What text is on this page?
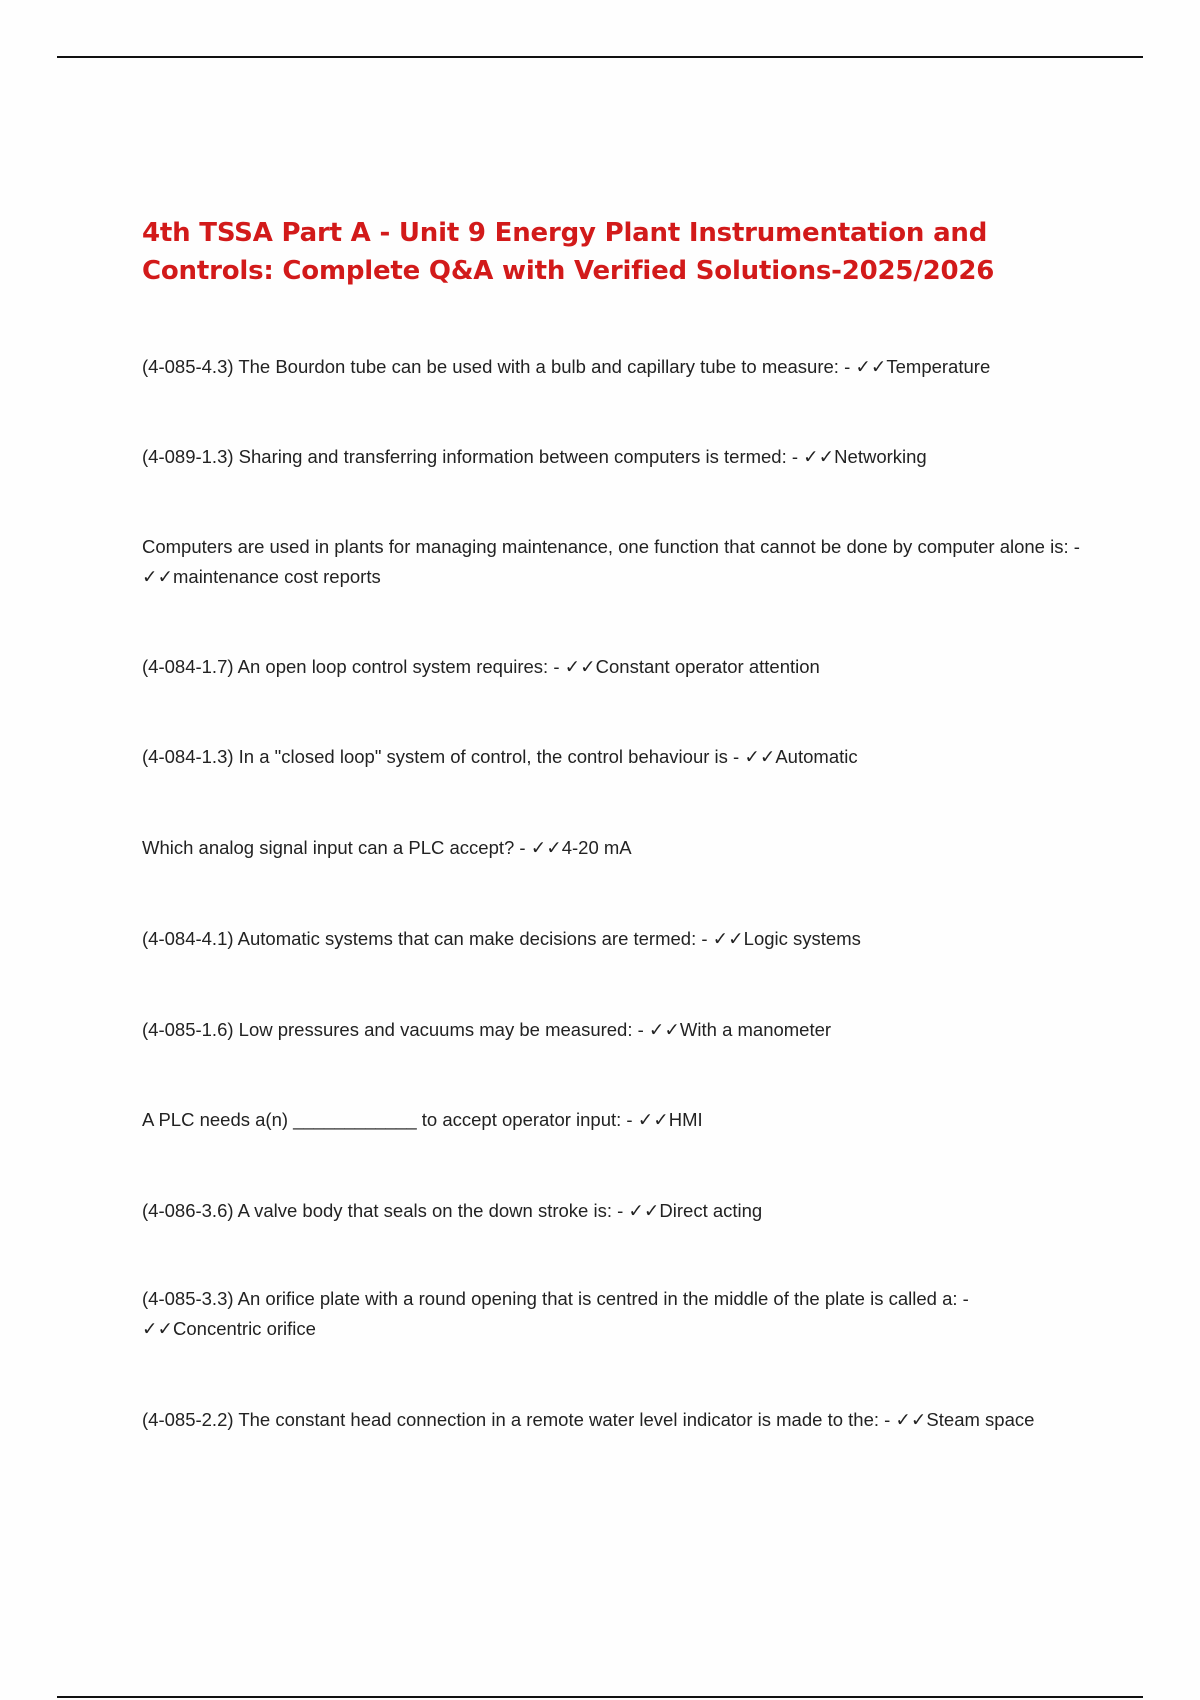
4th TSSA Part A - Unit 9 Energy Plant Instrumentation and Controls: Complete Q&A with Verified Solutions-2025/2026

(4-085-4.3) The Bourdon tube can be used with a bulb and capillary tube to measure: - ✓✓Temperature

(4-089-1.3) Sharing and transferring information between computers is termed: - ✓✓Networking

Computers are used in plants for managing maintenance, one function that cannot be done by computer alone is: - ✓✓maintenance cost reports

(4-084-1.7) An open loop control system requires: - ✓✓Constant operator attention

(4-084-1.3) In a "closed loop" system of control, the control behaviour is - ✓✓Automatic

Which analog signal input can a PLC accept? - ✓✓4-20 mA

(4-084-4.1) Automatic systems that can make decisions are termed: - ✓✓Logic systems

(4-085-1.6) Low pressures and vacuums may be measured: - ✓✓With a manometer

A PLC needs a(n) ____________ to accept operator input: - ✓✓HMI

(4-086-3.6) A valve body that seals on the down stroke is: - ✓✓Direct acting

(4-085-3.3) An orifice plate with a round opening that is centred in the middle of the plate is called a: - ✓✓Concentric orifice

(4-085-2.2) The constant head connection in a remote water level indicator is made to the: - ✓✓Steam space
